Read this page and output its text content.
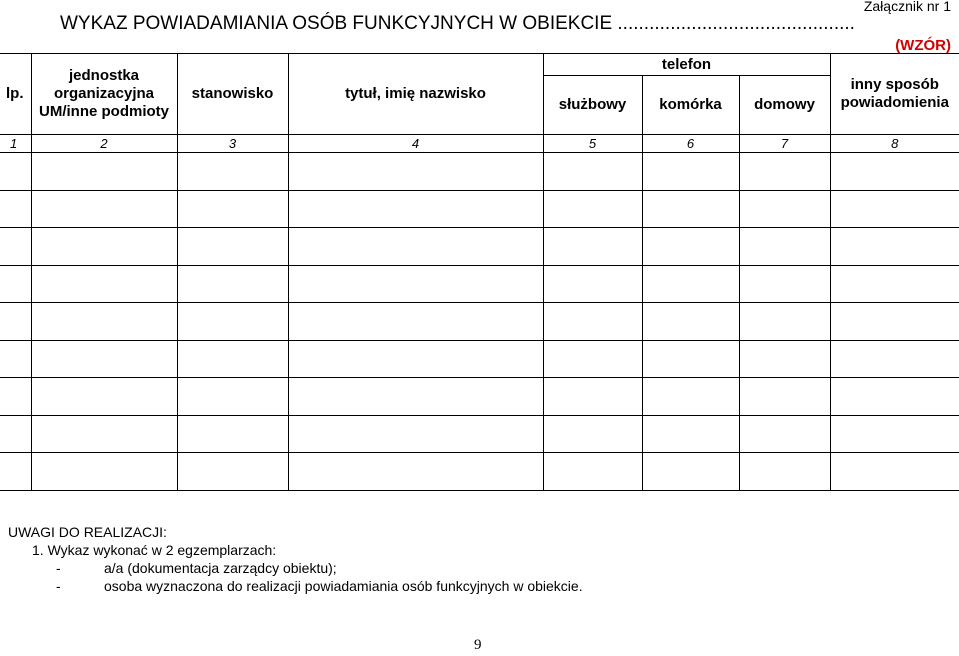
Załącznik nr 1
WYKAZ POWIADAMIANIA OSÓB FUNKCYJNYCH W OBIEKCIE .............................................
(WZÓR)
lp.	jednostka organizacyjna UM/inne podmioty	stanowisko	tytuł, imię nazwisko	telefon			inny sposób powiadomienia
				służbowy	komórka	domowy	
1	2	3	4	5	6	7	8

UWAGI DO REALIZACJI:
1. Wykaz wykonać w 2 egzemplarzach:
-	a/a (dokumentacja zarządcy obiektu);
-	osoba wyznaczona do realizacji powiadamiania osób funkcyjnych w obiekcie.
9
